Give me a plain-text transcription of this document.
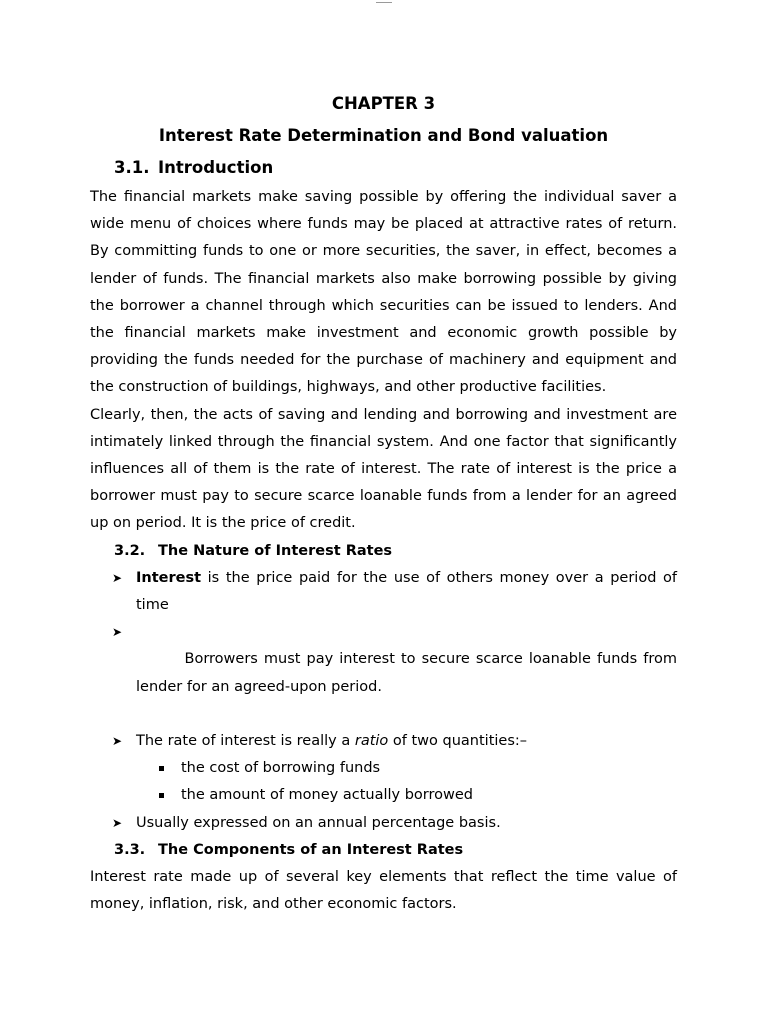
CHAPTER 3
Interest Rate Determination and Bond valuation
3.1. Introduction

The financial markets make saving possible by offering the individual saver a wide menu of choices where funds may be placed at attractive rates of return. By committing funds to one or more securities, the saver, in effect, becomes a lender of funds. The financial markets also make borrowing possible by giving the borrower a channel through which securities can be issued to lenders. And the financial markets make investment and economic growth possible by providing the funds needed for the purchase of machinery and equipment and the construction of buildings, highways, and other productive facilities.

Clearly, then, the acts of saving and lending and borrowing and investment are intimately linked through the financial system. And one factor that significantly influences all of them is the rate of interest. The rate of interest is the price a borrower must pay to secure scarce loanable funds from a lender for an agreed up on period. It is the price of credit.

3.2. The Nature of Interest Rates
➤ Interest is the price paid for the use of others money over a period of time

➤
Borrowers must pay interest to secure scarce loanable funds from lender for an agreed-upon period.

➤ The rate of interest is really a ratio of two quantities:–
the cost of borrowing funds
the amount of money actually borrowed
➤ Usually expressed on an annual percentage basis.
3.3. The Components of an Interest Rates

Interest rate made up of several key elements that reflect the time value of money, inflation, risk, and other economic factors.
